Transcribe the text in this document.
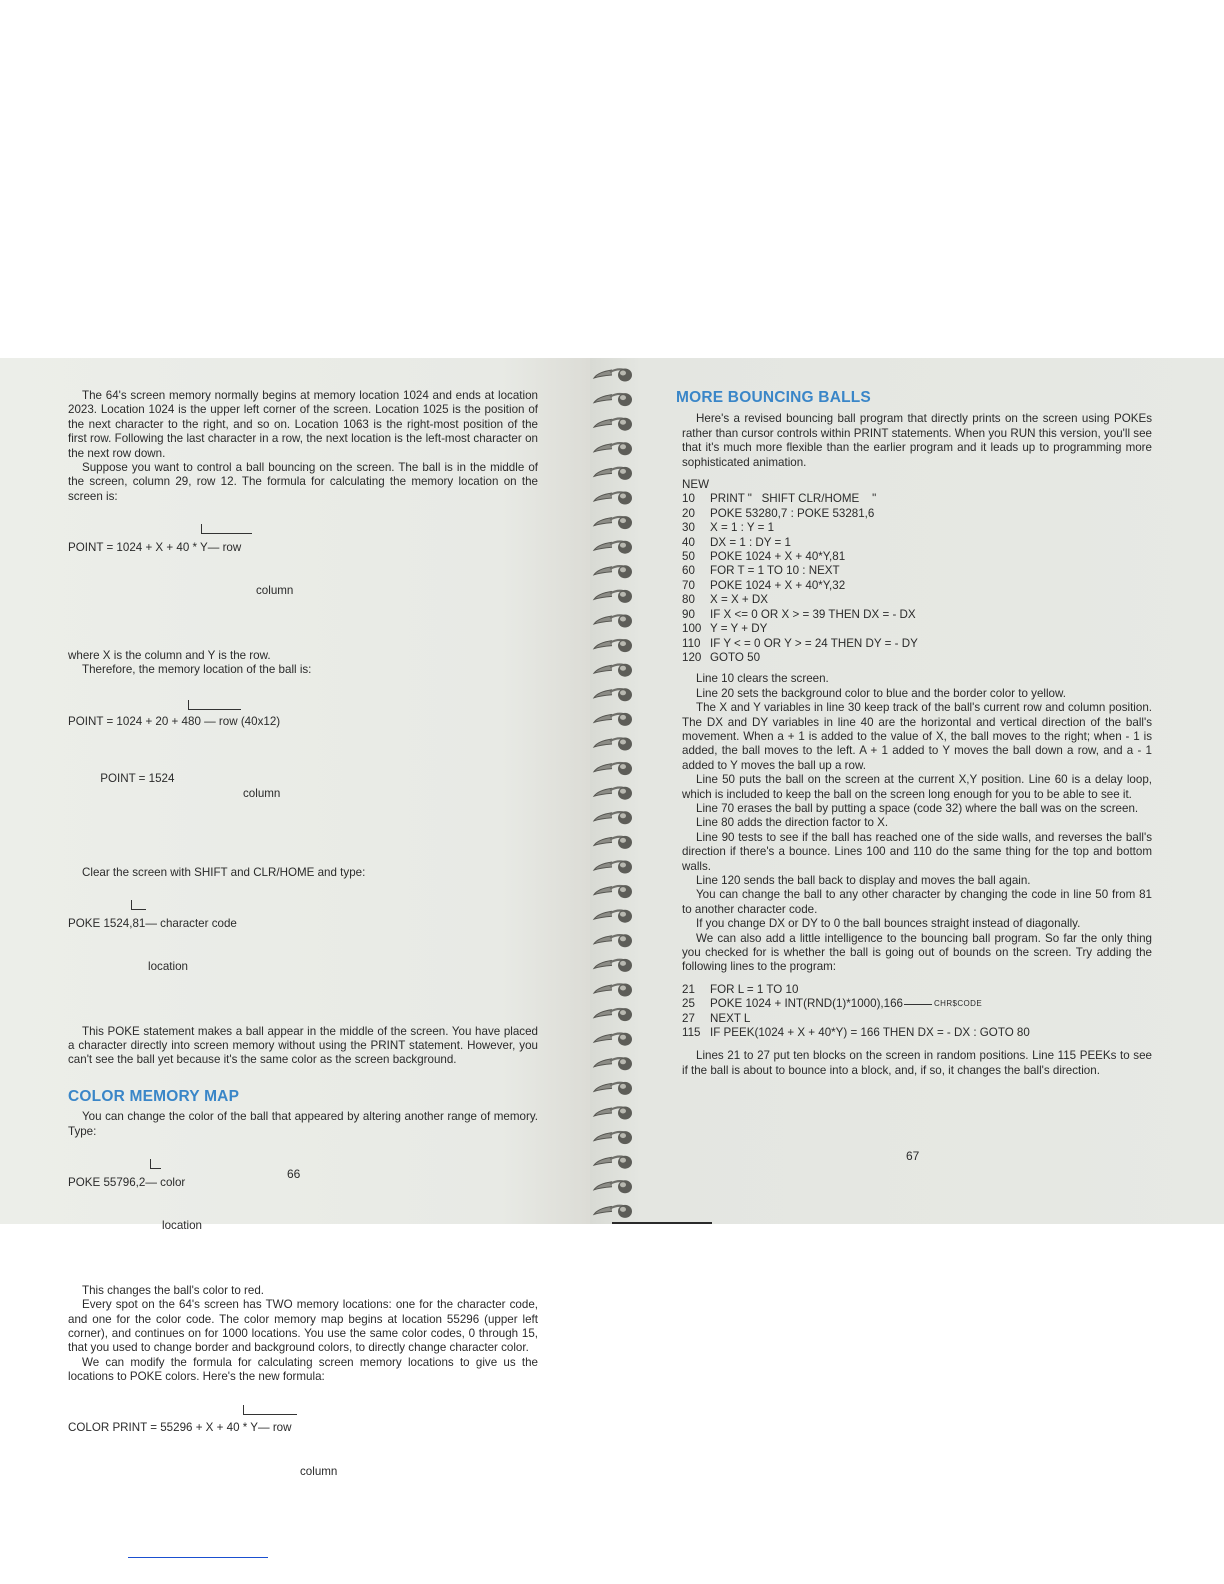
The 64's screen memory normally begins at memory location 1024 and ends at location 2023. Location 1024 is the upper left corner of the screen. Location 1025 is the position of the next character to the right, and so on. Location 1063 is the right-most position of the first row. Following the last character in a row, the next location is the left-most character on the next row down.

Suppose you want to control a ball bouncing on the screen. The ball is in the middle of the screen, column 29, row 12. The formula for calculating the memory location on the screen is:

POINT = 1024 + X + 40 * Y— row

column

where X is the column and Y is the row.

Therefore, the memory location of the ball is:

POINT = 1024 + 20 + 480 — row (40x12)

POINT = 1524

column

Clear the screen with SHIFT and CLR/HOME and type:

POKE 1524,81— character code

location

This POKE statement makes a ball appear in the middle of the screen. You have placed a character directly into screen memory without using the PRINT statement. However, you can't see the ball yet because it's the same color as the screen background.

COLOR MEMORY MAP

You can change the color of the ball that appeared by altering another range of memory. Type:

POKE 55796,2— color

location

This changes the ball's color to red.

Every spot on the 64's screen has TWO memory locations: one for the character code, and one for the color code. The color memory map begins at location 55296 (upper left corner), and continues on for 1000 locations. You use the same color codes, 0 through 15, that you used to change border and background colors, to directly change character color.

We can modify the formula for calculating screen memory locations to give us the locations to POKE colors. Here's the new formula:

COLOR PRINT = 55296 + X + 40 * Y— row

column

66
67
MORE BOUNCING BALLS

Here's a revised bouncing ball program that directly prints on the screen using POKEs rather than cursor controls within PRINT statements. When you RUN this version, you'll see that it's much more flexible than the earlier program and it leads up to programming more sophisticated animation.

NEW
10	PRINT "   SHIFT CLR/HOME    "
20	POKE 53280,7 : POKE 53281,6
30	X = 1 : Y = 1
40	DX = 1 : DY = 1
50	POKE 1024 + X + 40*Y,81
60	FOR T = 1 TO 10 : NEXT
70	POKE 1024 + X + 40*Y,32
80	X = X + DX
90	IF X <= 0 OR X > = 39 THEN DX = - DX
100 Y = Y + DY
110 IF Y < = 0 OR Y > = 24 THEN DY = - DY
120 GOTO 50

Line 10 clears the screen.

Line 20 sets the background color to blue and the border color to yellow.

The X and Y variables in line 30 keep track of the ball's current row and column position. The DX and DY variables in line 40 are the horizontal and vertical direction of the ball's movement. When a + 1 is added to the value of X, the ball moves to the right; when - 1 is added, the ball moves to the left. A + 1 added to Y moves the ball down a row, and a - 1 added to Y moves the ball up a row.

Line 50 puts the ball on the screen at the current X,Y position. Line 60 is a delay loop, which is included to keep the ball on the screen long enough for you to be able to see it.

Line 70 erases the ball by putting a space (code 32) where the ball was on the screen.

Line 80 adds the direction factor to X.

Line 90 tests to see if the ball has reached one of the side walls, and reverses the ball's direction if there's a bounce. Lines 100 and 110 do the same thing for the top and bottom walls.

Line 120 sends the ball back to display and moves the ball again.

You can change the ball to any other character by changing the code in line 50 from 81 to another character code.

If you change DX or DY to 0 the ball bounces straight instead of diagonally.

We can also add a little intelligence to the bouncing ball program. So far the only thing you checked for is whether the ball is going out of bounds on the screen. Try adding the following lines to the program:

21	FOR L = 1 TO 10
25	POKE 1024 + INT(RND(1)*1000),166	CHR$CODE
27	NEXT L
115 IF PEEK(1024 + X + 40*Y) = 166 THEN DX = - DX : GOTO 80

Lines 21 to 27 put ten blocks on the screen in random positions. Line 115 PEEKs to see if the ball is about to bounce into a block, and, if so, it changes the ball's direction.
